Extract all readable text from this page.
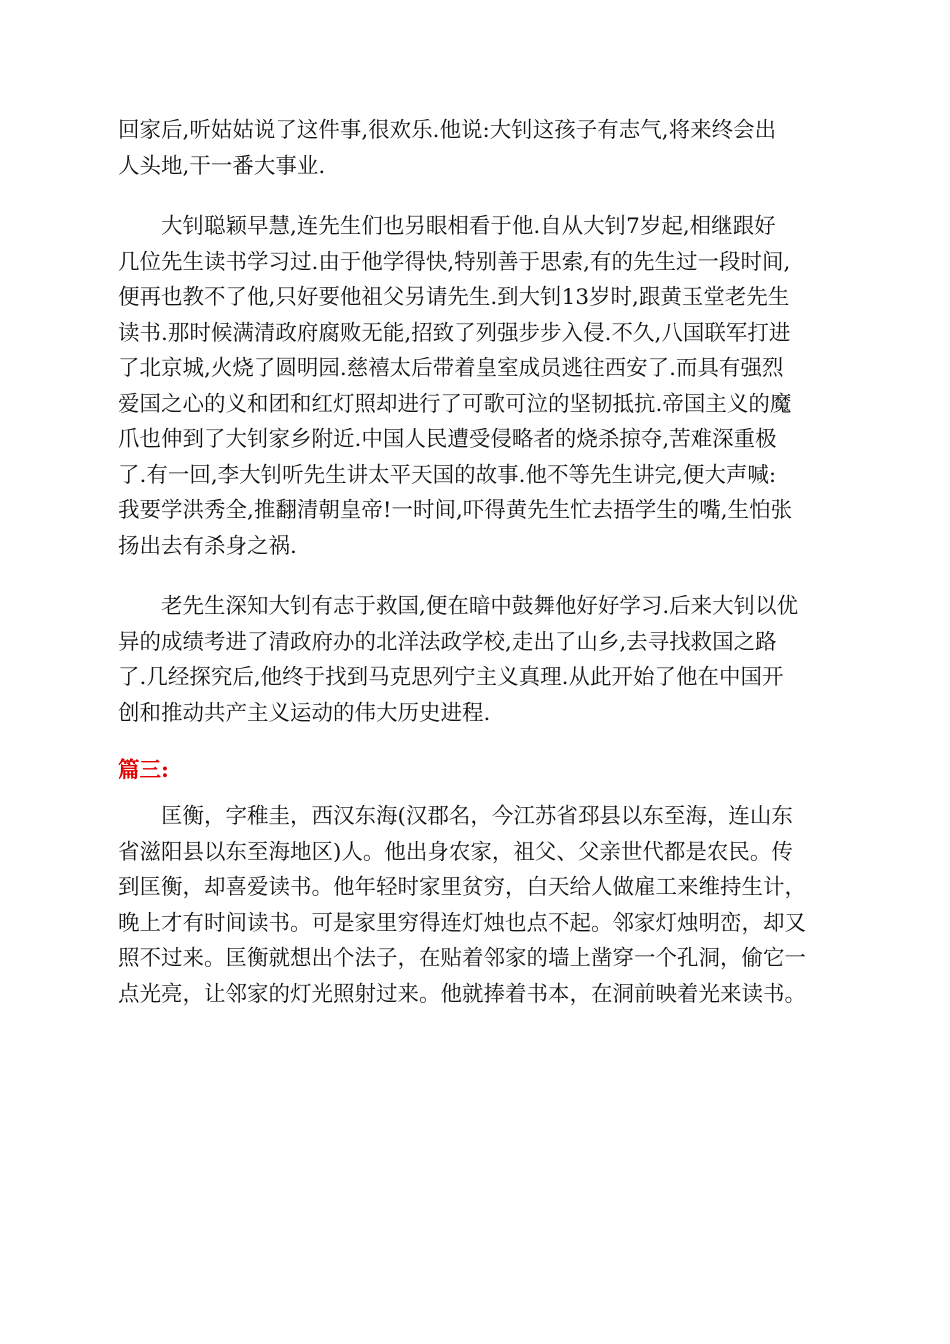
回家后,听姑姑说了这件事,很欢乐.他说:大钊这孩子有志气,将来终会出
人头地,干一番大事业.
大钊聪颖早慧,连先生们也另眼相看于他.自从大钊7岁起,相继跟好
几位先生读书学习过.由于他学得快,特别善于思索,有的先生过一段时间,
便再也教不了他,只好要他祖父另请先生.到大钊13岁时,跟黄玉堂老先生
读书.那时候满清政府腐败无能,招致了列强步步入侵.不久,八国联军打进
了北京城,火烧了圆明园.慈禧太后带着皇室成员逃往西安了.而具有强烈
爱国之心的义和团和红灯照却进行了可歌可泣的坚韧抵抗.帝国主义的魔
爪也伸到了大钊家乡附近.中国人民遭受侵略者的烧杀掠夺,苦难深重极
了.有一回,李大钊听先生讲太平天国的故事.他不等先生讲完,便大声喊:
我要学洪秀全,推翻清朝皇帝!一时间,吓得黄先生忙去捂学生的嘴,生怕张
扬出去有杀身之祸.
老先生深知大钊有志于救国,便在暗中鼓舞他好好学习.后来大钊以优
异的成绩考进了清政府办的北洋法政学校,走出了山乡,去寻找救国之路
了.几经探究后,他终于找到马克思列宁主义真理.从此开始了他在中国开
创和推动共产主义运动的伟大历史进程.
篇三:
匡衡，字稚圭，西汉东海(汉郡名，今江苏省邳县以东至海，连山东
省滋阳县以东至海地区)人。他出身农家，祖父、父亲世代都是农民。传
到匡衡，却喜爱读书。他年轻时家里贫穷，白天给人做雇工来维持生计，
晚上才有时间读书。可是家里穷得连灯烛也点不起。邻家灯烛明峦，却又
照不过来。匡衡就想出个法子，在贴着邻家的墙上凿穿一个孔洞，偷它一
点光亮，让邻家的灯光照射过来。他就捧着书本，在洞前映着光来读书。
